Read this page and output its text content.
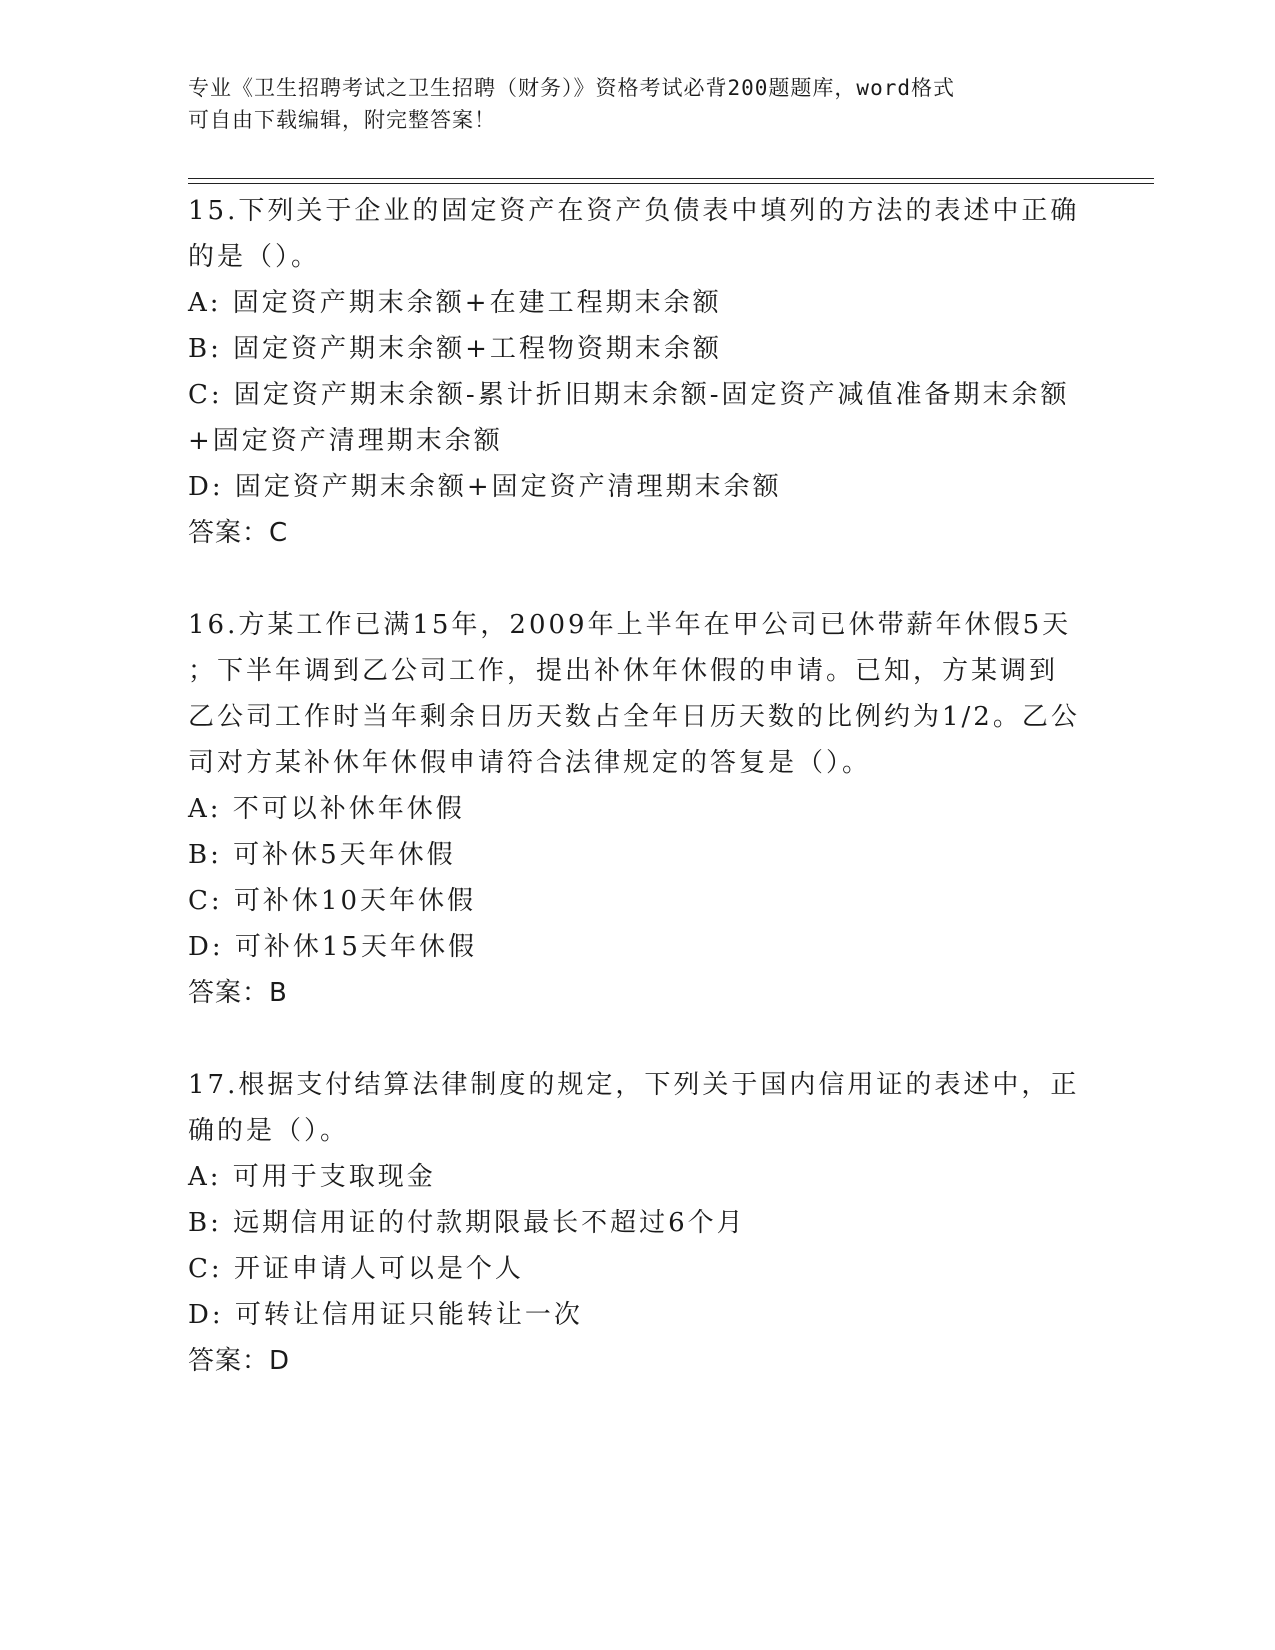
专业《卫生招聘考试之卫生招聘（财务）》资格考试必背200题题库，word格式

可自由下载编辑，附完整答案！

15.下列关于企业的固定资产在资产负债表中填列的方法的表述中正确

的是（）。

A: 固定资产期末余额+在建工程期末余额

B: 固定资产期末余额+工程物资期末余额

C: 固定资产期末余额-累计折旧期末余额-固定资产减值准备期末余额

+固定资产清理期末余额

D: 固定资产期末余额+固定资产清理期末余额

答案：C

16.方某工作已满15年，2009年上半年在甲公司已休带薪年休假5天

；下半年调到乙公司工作，提出补休年休假的申请。已知，方某调到

乙公司工作时当年剩余日历天数占全年日历天数的比例约为1/2。乙公

司对方某补休年休假申请符合法律规定的答复是（）。

A: 不可以补休年休假

B: 可补休5天年休假

C: 可补休10天年休假

D: 可补休15天年休假

答案：B

17.根据支付结算法律制度的规定，下列关于国内信用证的表述中，正

确的是（）。

A: 可用于支取现金

B: 远期信用证的付款期限最长不超过6个月

C: 开证申请人可以是个人

D: 可转让信用证只能转让一次

答案：D
